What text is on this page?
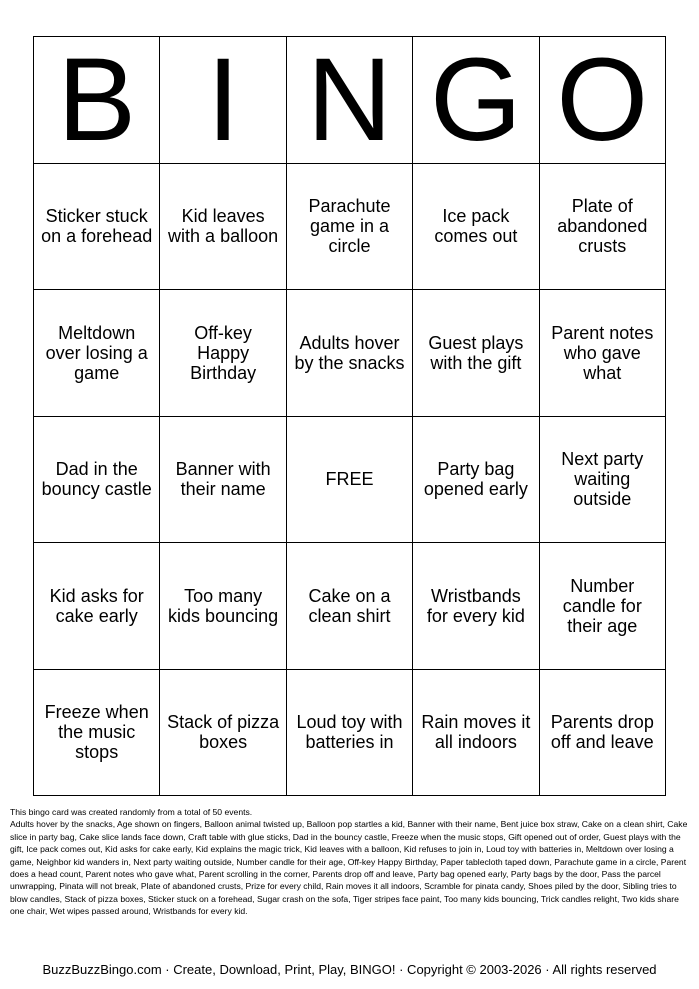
B I N G O
Sticker stuck on a forehead
Kid leaves with a balloon
Parachute game in a circle
Ice pack comes out
Plate of abandoned crusts
Meltdown over losing a game
Off-key Happy Birthday
Adults hover by the snacks
Guest plays with the gift
Parent notes who gave what
Dad in the bouncy castle
Banner with their name
FREE
Party bag opened early
Next party waiting outside
Kid asks for cake early
Too many kids bouncing
Cake on a clean shirt
Wristbands for every kid
Number candle for their age
Freeze when the music stops
Stack of pizza boxes
Loud toy with batteries in
Rain moves it all indoors
Parents drop off and leave

This bingo card was created randomly from a total of 50 events.

Adults hover by the snacks, Age shown on fingers, Balloon animal twisted up, Balloon pop startles a kid, Banner with their name, Bent juice box straw, Cake on a clean shirt, Cake slice in party bag, Cake slice lands face down, Craft table with glue sticks, Dad in the bouncy castle, Freeze when the music stops, Gift opened out of order, Guest plays with the gift, Ice pack comes out, Kid asks for cake early, Kid explains the magic trick, Kid leaves with a balloon, Kid refuses to join in, Loud toy with batteries in, Meltdown over losing a game, Neighbor kid wanders in, Next party waiting outside, Number candle for their age, Off-key Happy Birthday, Paper tablecloth taped down, Parachute game in a circle, Parent does a head count, Parent notes who gave what, Parent scrolling in the corner, Parents drop off and leave, Party bag opened early, Party bags by the door, Pass the parcel unwrapping, Pinata will not break, Plate of abandoned crusts, Prize for every child, Rain moves it all indoors, Scramble for pinata candy, Shoes piled by the door, Sibling tries to blow candles, Stack of pizza boxes, Sticker stuck on a forehead, Sugar crash on the sofa, Tiger stripes face paint, Too many kids bouncing, Trick candles relight, Two kids share one chair, Wet wipes passed around, Wristbands for every kid.

BuzzBuzzBingo.com · Create, Download, Print, Play, BINGO! · Copyright © 2003-2026 · All rights reserved
